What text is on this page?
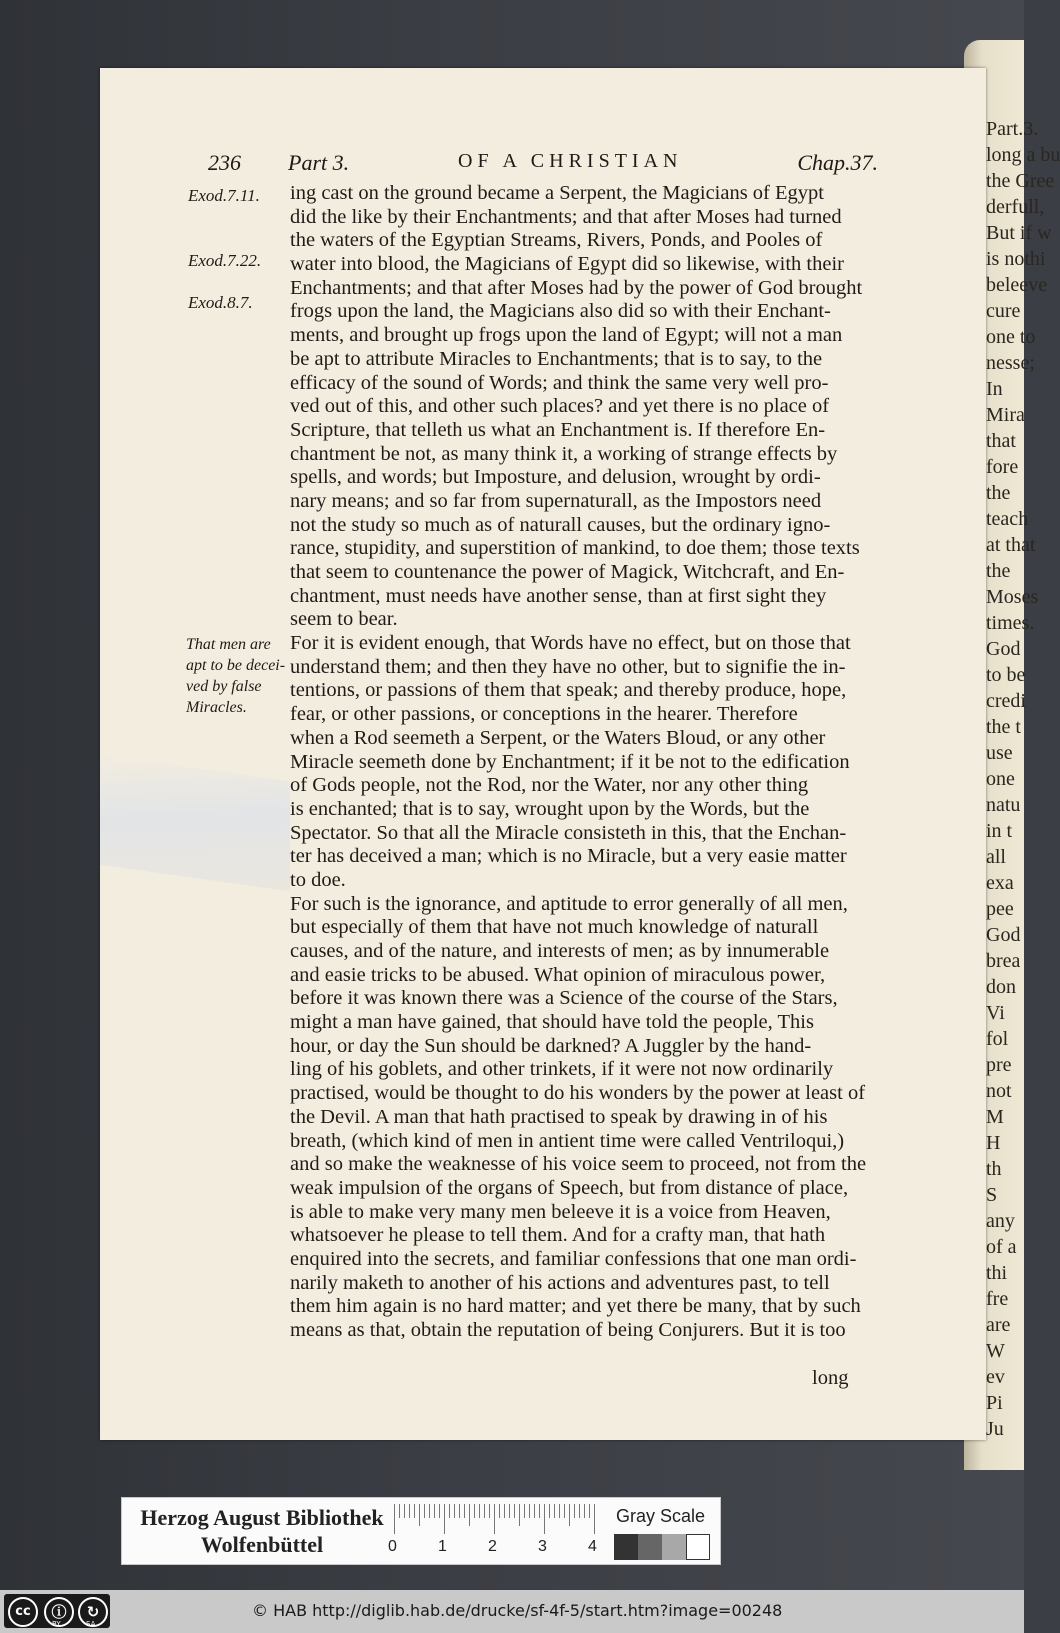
Part.3.
long a bu
the Gree
derfull,
But if w
is nothi
beleeve
cure
one to
nesse;
In
Mira
that
fore
the
teach
at that
the
Moses
times.
God
to be
credi
the t
use
one
natu
in t
all
exa
pee
God
brea
don
Vi
fol
pre
not
M
H
th
S
any
of a
thi
fre
are
W
ev
Pi
Ju
236 Part 3.	OF A CHRISTIAN	Chap.37.
Exod.7.11.
Exod.7.22.
Exod.8.7.
That men are
apt to be decei-
ved by false
Miracles.
ing cast on the ground became a Serpent, the Magicians of Egypt
did the like by their Enchantments; and that after Moses had turned
the waters of the Egyptian Streams, Rivers, Ponds, and Pooles of
water into blood, the Magicians of Egypt did so likewise, with their
Enchantments; and that after Moses had by the power of God brought
frogs upon the land, the Magicians also did so with their Enchant-
ments, and brought up frogs upon the land of Egypt; will not a man
be apt to attribute Miracles to Enchantments; that is to say, to the
efficacy of the sound of Words; and think the same very well pro-
ved out of this, and other such places? and yet there is no place of
Scripture, that telleth us what an Enchantment is. If therefore En-
chantment be not, as many think it, a working of strange effects by
spells, and words; but Imposture, and delusion, wrought by ordi-
nary means; and so far from supernaturall, as the Impostors need
not the study so much as of naturall causes, but the ordinary igno-
rance, stupidity, and superstition of mankind, to doe them; those texts
that seem to countenance the power of Magick, Witchcraft, and En-
chantment, must needs have another sense, than at first sight they
seem to bear.
For it is evident enough, that Words have no effect, but on those that
understand them; and then they have no other, but to signifie the in-
tentions, or passions of them that speak; and thereby produce, hope,
fear, or other passions, or conceptions in the hearer. Therefore
when a Rod seemeth a Serpent, or the Waters Bloud, or any other
Miracle seemeth done by Enchantment; if it be not to the edification
of Gods people, not the Rod, nor the Water, nor any other thing
is enchanted; that is to say, wrought upon by the Words, but the
Spectator. So that all the Miracle consisteth in this, that the Enchan-
ter has deceived a man; which is no Miracle, but a very easie matter
to doe.
For such is the ignorance, and aptitude to error generally of all men,
but especially of them that have not much knowledge of naturall
causes, and of the nature, and interests of men; as by innumerable
and easie tricks to be abused. What opinion of miraculous power,
before it was known there was a Science of the course of the Stars,
might a man have gained, that should have told the people, This
hour, or day the Sun should be darkned? A Juggler by the hand-
ling of his goblets, and other trinkets, if it were not now ordinarily
practised, would be thought to do his wonders by the power at least of
the Devil. A man that hath practised to speak by drawing in of his
breath, (which kind of men in antient time were called Ventriloqui,)
and so make the weaknesse of his voice seem to proceed, not from the
weak impulsion of the organs of Speech, but from distance of place,
is able to make very many men beleeve it is a voice from Heaven,
whatsoever he please to tell them. And for a crafty man, that hath
enquired into the secrets, and familiar confessions that one man ordi-
narily maketh to another of his actions and adventures past, to tell
them him again is no hard matter; and yet there be many, that by such
means as that, obtain the reputation of being Conjurers. But it is too
long
Herzog August Bibliothek
Wolfenbüttel	0	1	2	3	4
Gray Scale
cc	ⓘ	↻
BY	SA
© HAB http://diglib.hab.de/drucke/sf-4f-5/start.htm?image=00248
